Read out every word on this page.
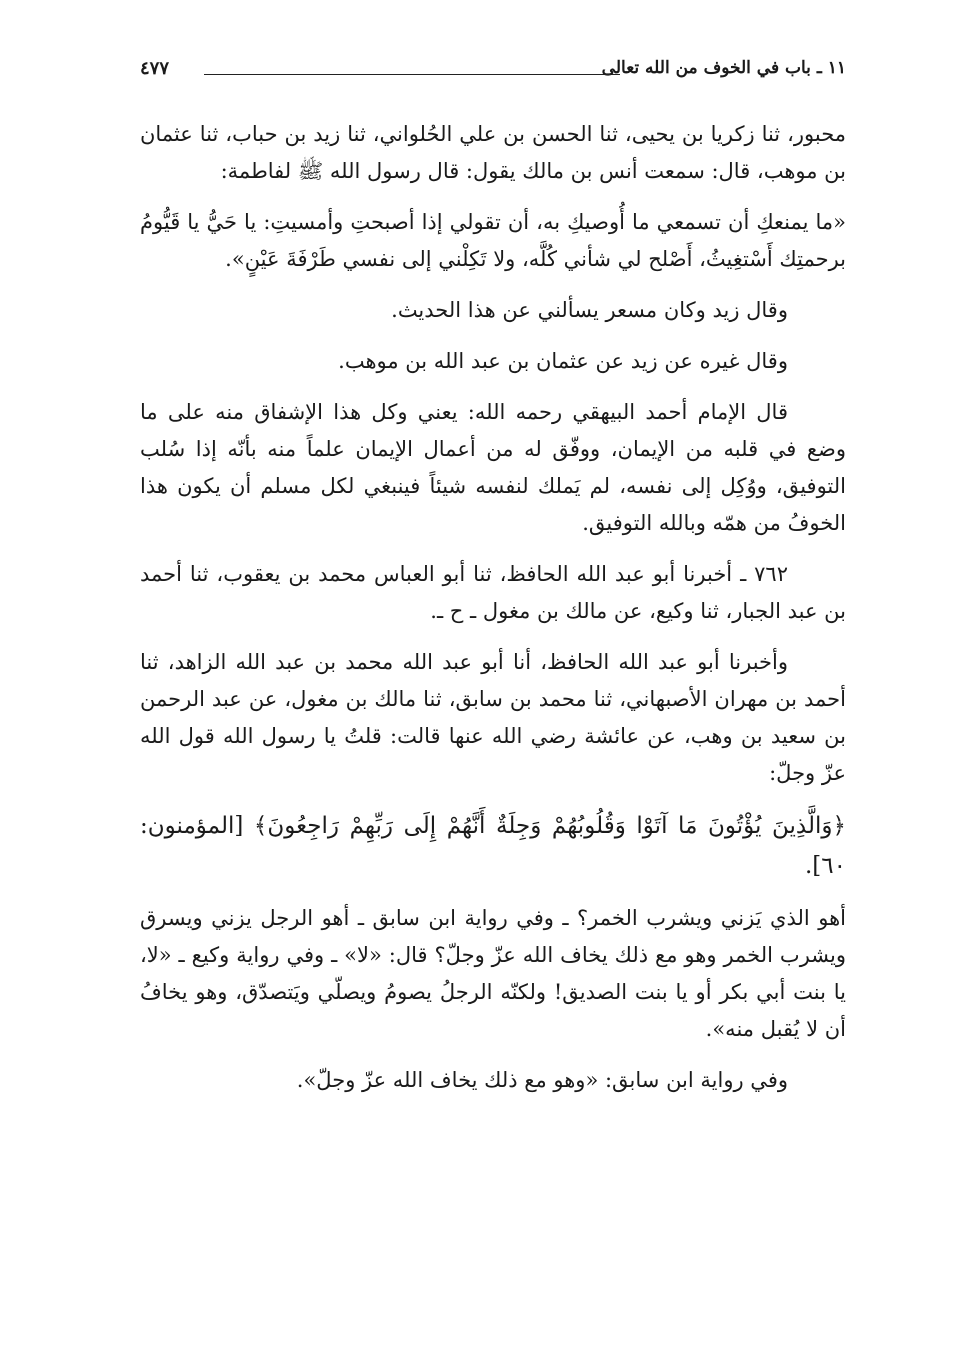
١١ ـ باب في الخوف من الله تعالى
٤٧٧

محبور، ثنا زكريا بن يحيى، ثنا الحسن بن علي الحُلواني، ثنا زيد بن حباب، ثنا عثمان بن موهب، قال: سمعت أنس بن مالك يقول: قال رسول الله ﷺ لفاطمة:

«ما يمنعكِ أن تسمعي ما أُوصيكِ به، أن تقولي إذا أصبحتِ وأمسيتِ: يا حَيُّ يا قَيُّومُ برحمتِك أَسْتغِيثُ، أَصْلح لي شأني كُلَّه، ولا تَكِلْني إلى نفسي طَرْفَةَ عَيْنٍ».

وقال زيد وكان مسعر يسألني عن هذا الحديث.

وقال غيره عن زيد عن عثمان بن عبد الله بن موهب.

قال الإمام أحمد البيهقي رحمه الله: يعني وكل هذا الإشفاق منه على ما وضع في قلبه من الإيمان، ووفّق له من أعمال الإيمان علماً منه بأنّه إذا سُلب التوفيق، ووُكِل إلى نفسه، لم يَملك لنفسه شيئاً فينبغي لكل مسلم أن يكون هذا الخوفُ من همّه وبالله التوفيق.

٧٦٢ ـ أخبرنا أبو عبد الله الحافظ، ثنا أبو العباس محمد بن يعقوب، ثنا أحمد بن عبد الجبار، ثنا وكيع، عن مالك بن مغول ـ ح ـ.

وأخبرنا أبو عبد الله الحافظ، أنا أبو عبد الله محمد بن عبد الله الزاهد، ثنا أحمد بن مهران الأصبهاني، ثنا محمد بن سابق، ثنا مالك بن مغول، عن عبد الرحمن بن سعيد بن وهب، عن عائشة رضي الله عنها قالت: قلتُ يا رسول الله قول الله عزّ وجلّ:

﴿وَالَّذِينَ يُؤْتُونَ مَا آتَوْا وَقُلُوبُهُمْ وَجِلَةٌ أَنَّهُمْ إِلَى رَبِّهِمْ رَاجِعُونَ﴾ [المؤمنون: ٦٠].

أهو الذي يَزني ويشرب الخمر؟ ـ وفي رواية ابن سابق ـ أهو الرجل يزني ويسرق ويشرب الخمر وهو مع ذلك يخاف الله عزّ وجلّ؟ قال: «لا» ـ وفي رواية وكيع ـ «لا، يا بنت أبي بكر أو يا بنت الصديق! ولكنّه الرجلُ يصومُ ويصلّي ويَتصدّق، وهو يخافُ أن لا يُقبل منه».

وفي رواية ابن سابق: «وهو مع ذلك يخاف الله عزّ وجلّ».
